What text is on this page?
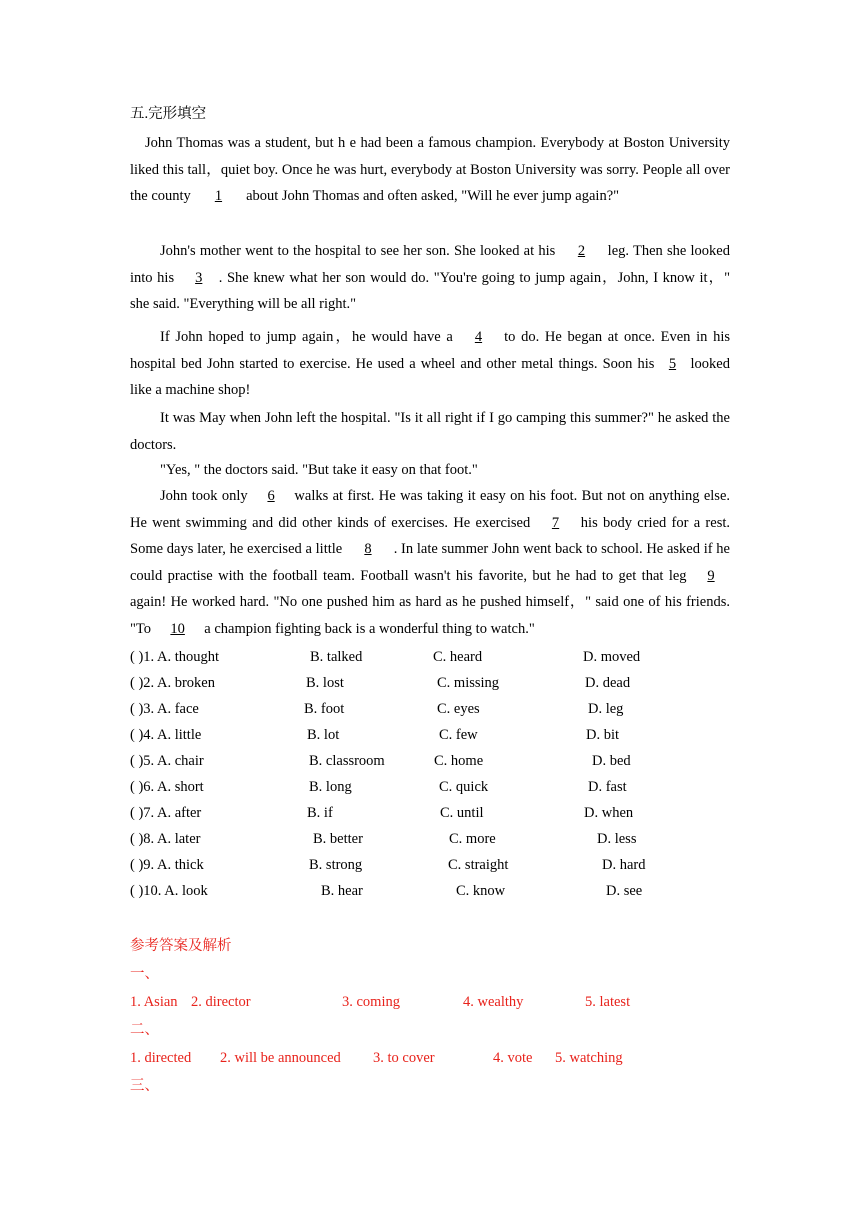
五.完形填空

John Thomas was a student, but h e had been a famous champion. Everybody at Boston University liked this tall，quiet boy. Once he was hurt, everybody at Boston University was sorry. People all over the county 1 about John Thomas and often asked, "Will he ever jump again?"

John's mother went to the hospital to see her son. She looked at his 2 leg. Then she looked into his 3 . She knew what her son would do. "You're going to jump again，John, I know it，" she said. "Everything will be all right."

If John hoped to jump again，he would have a 4 to do. He began at once. Even in his hospital bed John started to exercise. He used a wheel and other metal things. Soon his 5 looked like a machine shop!

It was May when John left the hospital. "Is it all right if I go camping this summer?" he asked the doctors.

"Yes, " the doctors said. "But take it easy on that foot."

John took only 6 walks at first. He was taking it easy on his foot. But not on anything else. He went swimming and did other kinds of exercises. He exercised 7 his body cried for a rest. Some days later, he exercised a little 8 . In late summer John went back to school. He asked if he could practise with the football team. Football wasn't his favorite, but he had to get that leg 9 again! He worked hard. "No one pushed him as hard as he pushed himself，" said one of his friends. "To 10 a champion fighting back is a wonderful thing to watch."

( )1. A. thought	B. talked	C. heard	D. moved
( )2. A. broken	B. lost	C. missing	D. dead
( )3. A. face	B. foot	C. eyes	D. leg
( )4. A. little	B. lot	C. few	D. bit
( )5. A. chair	B. classroom	C. home	D. bed
( )6. A. short	B. long	C. quick	D. fast
( )7. A. after	B. if	C. until	D. when
( )8. A. later	B. better	C. more	D. less
( )9. A. thick	B. strong	C. straight	D. hard
( )10. A. look	B. hear	C. know	D. see
参考答案及解析
一、
1. Asian 2. director	3. coming	4. wealthy	5. latest
二、
1. directed 2. will be announced 3. to cover	4. vote 5. watching
三、
